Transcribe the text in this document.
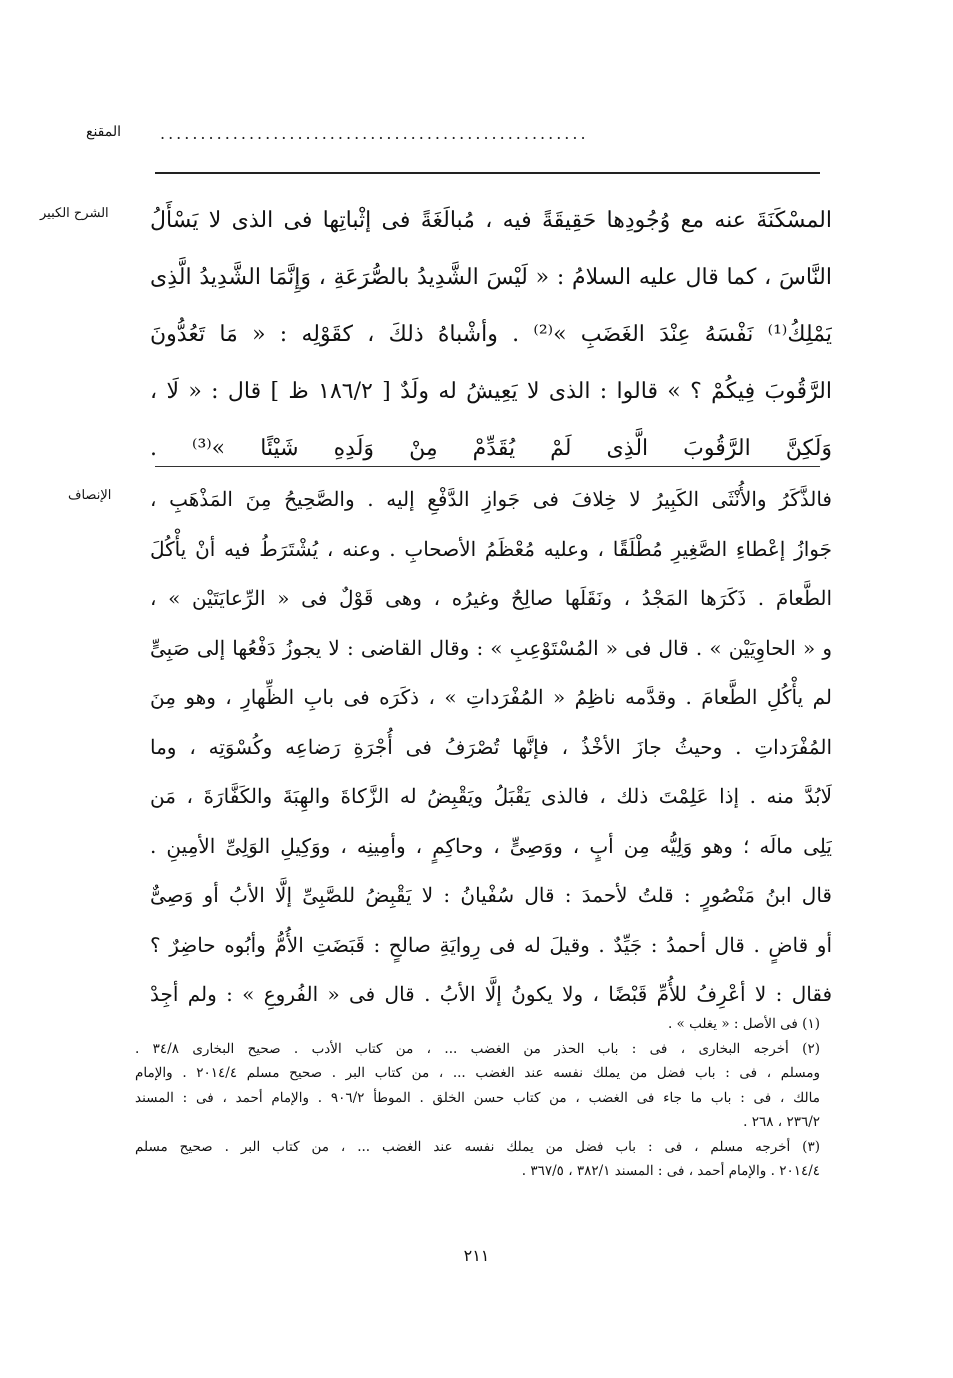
المقنع .....................................................
الشرح الكبير	المسْكَنَةَ عنه مع وُجُودِها حَقِيقَةً فيه ، مُبالَغَةً فى إثْباتِها فى الذى لا يَسْأَلُ
النَّاسَ ، كما قال عليه السلامُ : « لَيْسَ الشَّدِيدُ بالصُّرَعَةِ ، وَإِنَّمَا الشَّدِيدُ الَّذِى
يَمْلِكُ⁽¹⁾ نَفْسَهُ عِنْدَ الغَضَبِ »⁽²⁾ . وأشْباهُ ذلكَ ، كقَوْلِه : « مَا تَعُدُّونَ
الرَّقُوبَ فِيكُمْ ؟ » قالوا : الذى لا يَعِيشُ له ولَدٌ [ ١٨٦/٢ ظ ] قال : « لَا ،
وَلَكِنَّ الرَّقُوبَ الَّذِى لَمْ يُقَدِّمْ مِنْ وَلَدِهِ شَيْئًا »⁽³⁾ .
الإنصاف	فالذَّكَرُ والأُنْثَى الكَبِيرُ لا خِلافَ فى جَوازِ الدَّفْعِ إليه . والصَّحِيحُ مِنَ المَذْهَبِ ،
جَوازُ إعْطاءِ الصَّغِيرِ مُطْلَقًا ، وعليه مُعْظَمُ الأصحابِ . وعنه ، يُشْتَرَطُ فيه أنْ يأْكُلَ
الطَّعامَ . ذَكَرَها المَجْدُ ، ونَقَلَها صالِحٌ وغيرُه ، وهى قَوْلٌ فى « الرِّعايَتَيْن » ،
و « الحاوِيَيْن » . قال فى « المُسْتَوْعِبِ » : وقال القاضى : لا يجوزُ دَفْعُها إلى صَبِىٍّ
لم يأْكُلِ الطَّعامَ . وقدَّمه ناظِمُ « المُفْرَداتِ » ، ذكَرَه فى بابِ الظِّهارِ ، وهو مِنَ
المُفْرَداتِ . وحيثُ جازَ الأخْذُ ، فإنَّها تُصْرَفُ فى أُجْرَةِ رَضاعِه وكُسْوَتِه ، وما
لَابُدَّ منه . إذا عَلِمْتَ ذلك ، فالذى يَقْبَلُ ويَقْبِضُ له الزَّكاةَ والهِبَةَ والكَفَّارَةَ ، مَن
يَلِى مالَه ؛ وهو وَلِيُّه مِن أبٍ ، ووَصِىٍّ ، وحاكِمٍ ، وأمِينِه ، ووَكِيلِ الوَلِىِّ الأمِينِ .
قال ابنُ مَنْصُورٍ : قلتُ لأحمدَ : قال سُفْيانُ : لا يَقْبِضُ للصَّبِىِّ إلَّا الأبُ أو وَصِىٌّ
أو قاضٍ . قال أحمدُ : جَيِّدٌ . وقيلَ له فى رِوايَةِ صالحٍ : قَبَضَتِ الأُمُّ وأبُوه حاضِرٌ ؟
فقال : لا أعْرِفُ للأُمِّ قَبْضًا ، ولا يكونُ إلَّا الأبُ . قال فى « الفُروعِ » : ولم أجِدْ
(١) فى الأصل : « يغلب » .
(٢) أخرجه البخارى ، فى : باب الحذر من الغضب ... ، من كتاب الأدب . صحيح البخارى ٣٤/٨ .
ومسلم ، فى : باب فضل من يملك نفسه عند الغضب ... ، من كتاب البر . صحيح مسلم ٢٠١٤/٤ . والإمام
مالك ، فى : باب ما جاء فى الغضب ، من كتاب حسن الخلق . الموطأ ٩٠٦/٢ . والإمام أحمد ، فى : المسند
٢٣٦/٢ ، ٢٦٨ .
(٣) أخرجه مسلم ، فى : باب فضل من يملك نفسه عند الغضب ... ، من كتاب البر . صحيح مسلم
٢٠١٤/٤ . والإمام أحمد ، فى : المسند ٣٨٢/١ ، ٣٦٧/٥ .
٢١١
